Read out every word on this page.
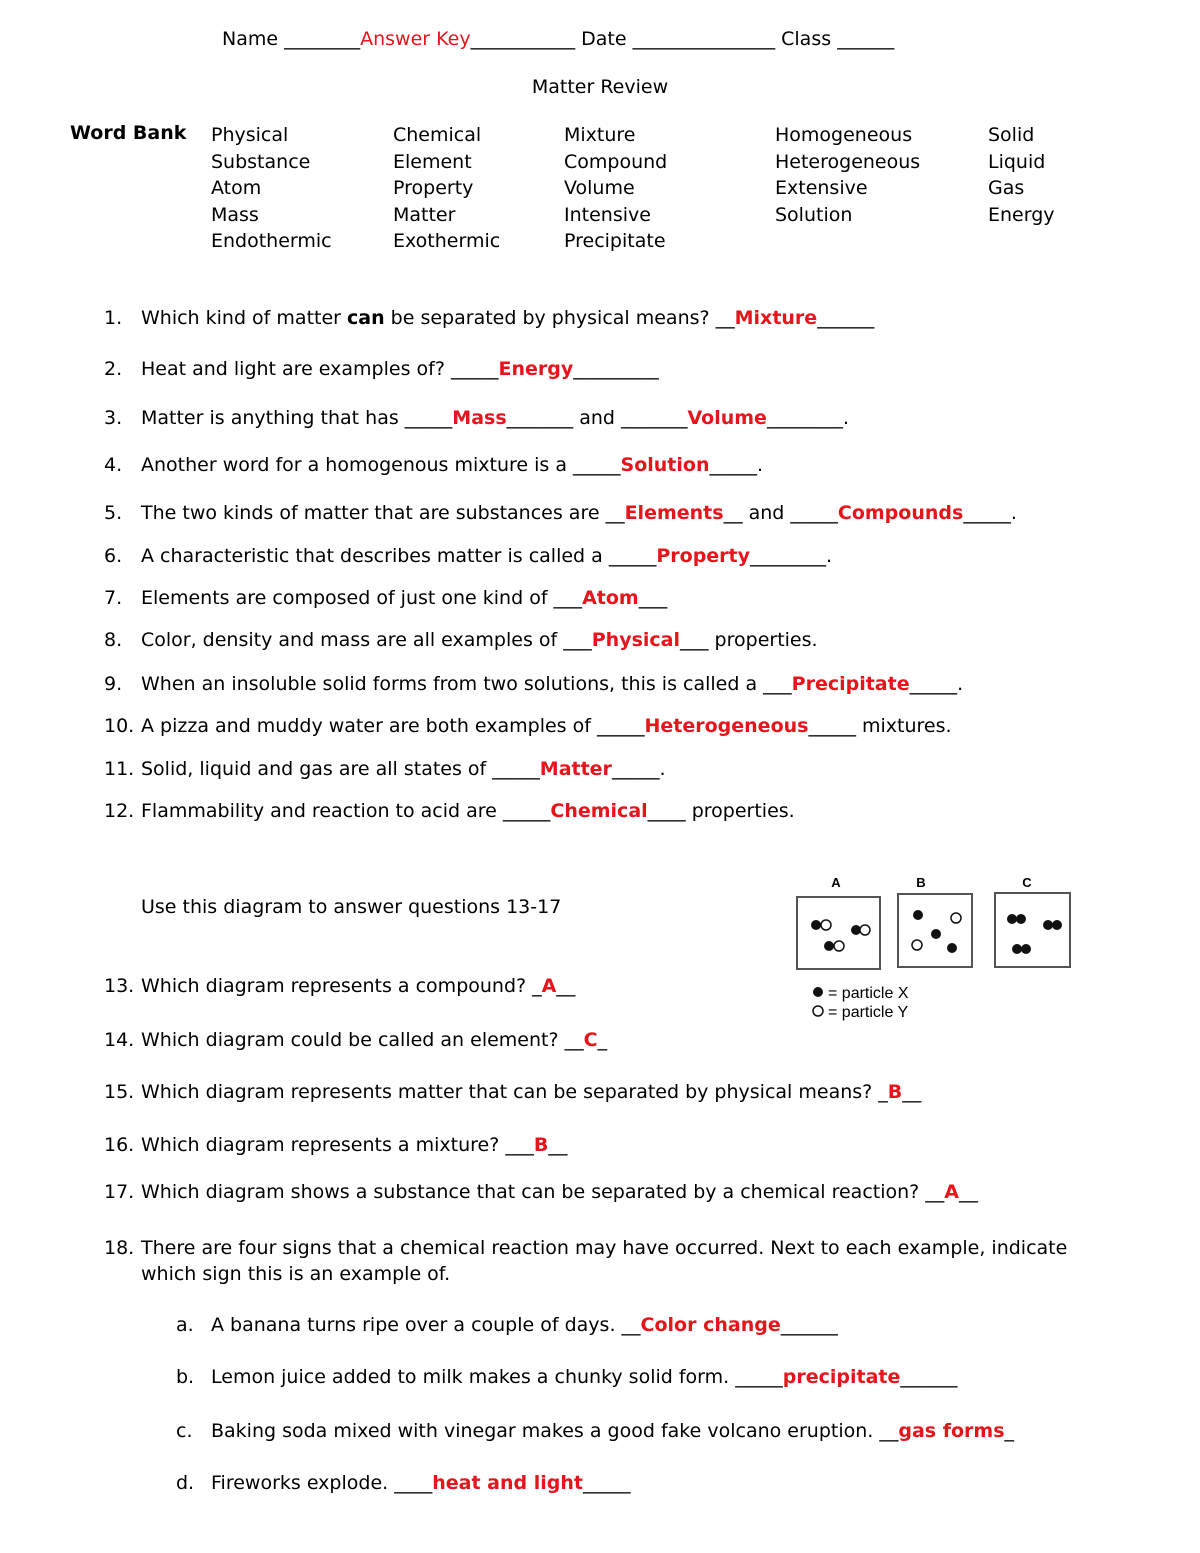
Name ________Answer Key___________ Date _______________ Class ______
Matter Review
Word Bank Physical
Substance
Atom
Mass
Endothermic
Chemical
Element
Property
Matter
Exothermic
Mixture
Compound
Volume
Intensive
Precipitate
Homogeneous
Heterogeneous
Extensive
Solution
Solid
Liquid
Gas
Energy
1. Which kind of matter can be separated by physical means? __Mixture______
2. Heat and light are examples of? _____Energy_________
3. Matter is anything that has _____Mass_______ and _______Volume________.
4. Another word for a homogenous mixture is a _____Solution_____.
5. The two kinds of matter that are substances are __Elements__ and _____Compounds_____.
6. A characteristic that describes matter is called a _____Property________.
7. Elements are composed of just one kind of ___Atom___
8. Color, density and mass are all examples of ___Physical___ properties.
9. When an insoluble solid forms from two solutions, this is called a ___Precipitate_____.
10. A pizza and muddy water are both examples of _____Heterogeneous_____ mixtures.
11. Solid, liquid and gas are all states of _____Matter_____.
12. Flammability and reaction to acid are _____Chemical____ properties.
Use this diagram to answer questions 13-17
A	B	C
= particle X
= particle Y
13. Which diagram represents a compound? _A__
14. Which diagram could be called an element? __C_
15. Which diagram represents matter that can be separated by physical means? _B__
16. Which diagram represents a mixture? ___B__
17. Which diagram shows a substance that can be separated by a chemical reaction? __A__
18. There are four signs that a chemical reaction may have occurred. Next to each example, indicate which sign this is an example of.
a. A banana turns ripe over a couple of days. __Color change______
b. Lemon juice added to milk makes a chunky solid form. _____precipitate______
c. Baking soda mixed with vinegar makes a good fake volcano eruption. __gas forms_
d. Fireworks explode. ____heat and light_____
